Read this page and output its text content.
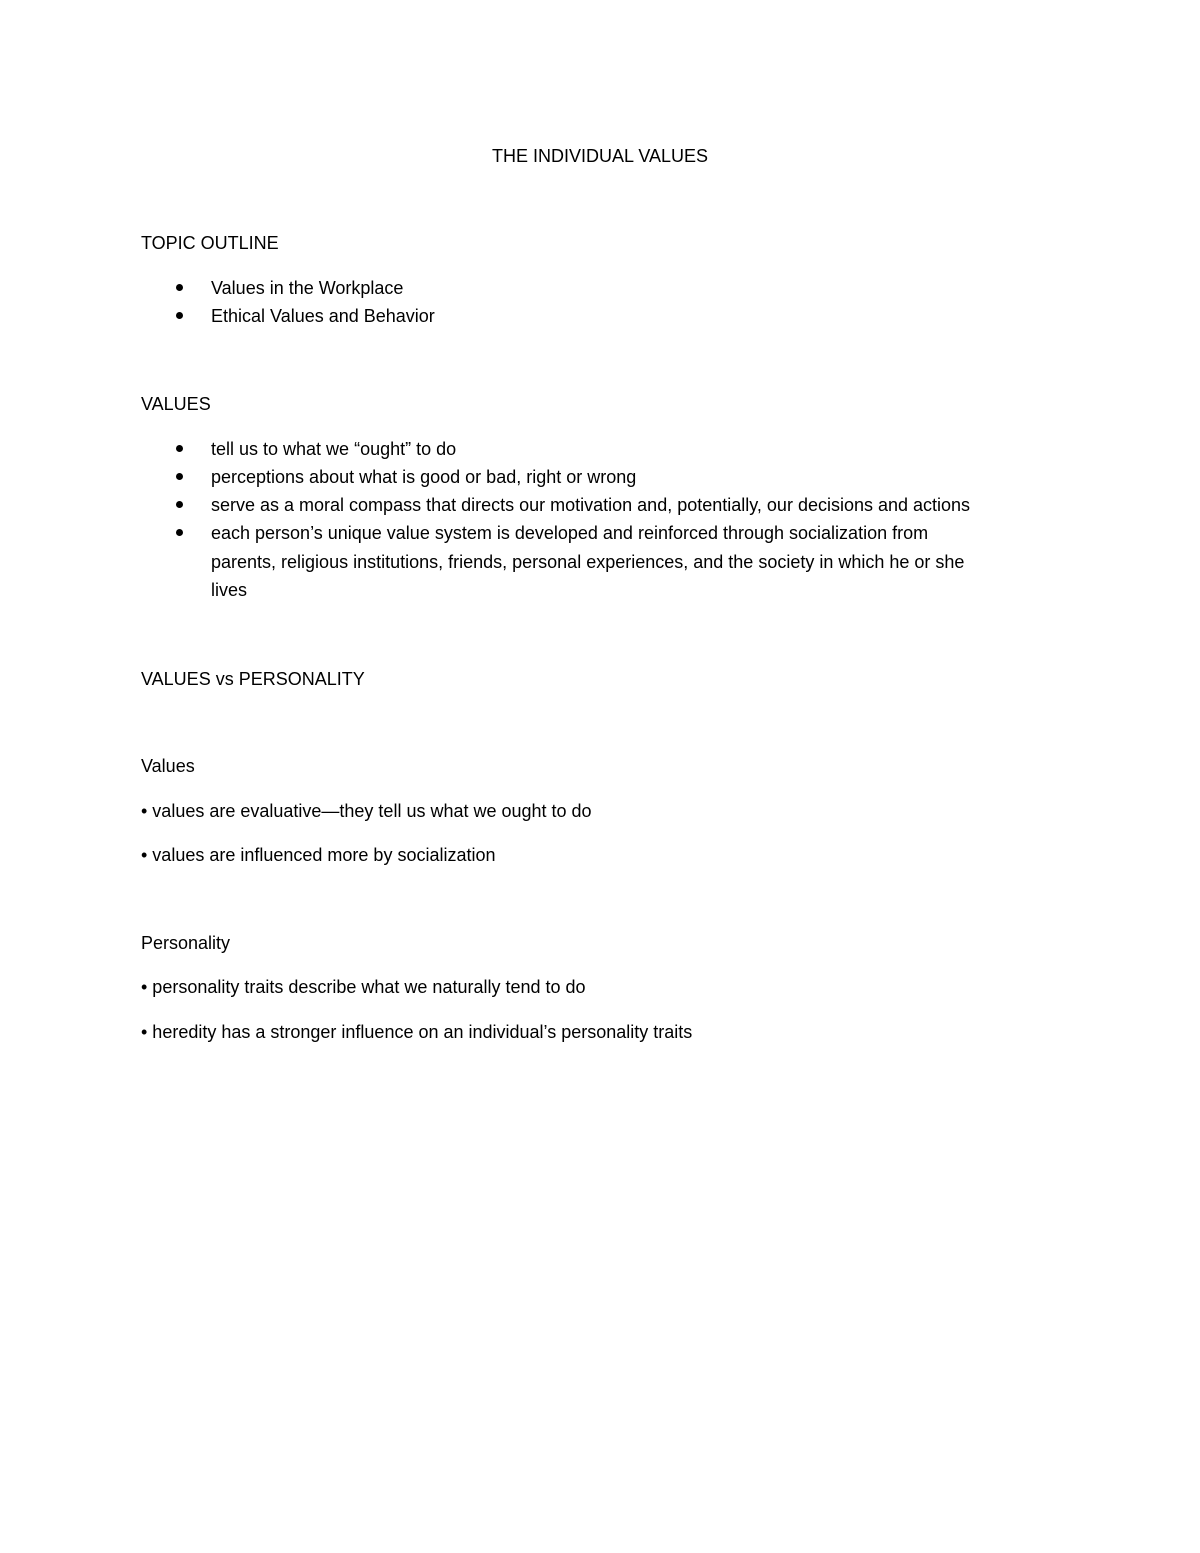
THE INDIVIDUAL VALUES
TOPIC OUTLINE
Values in the Workplace
Ethical Values and Behavior
VALUES
tell us to what we “ought” to do
perceptions about what is good or bad, right or wrong
serve as a moral compass that directs our motivation and, potentially, our decisions and actions
each person’s unique value system is developed and reinforced through socialization from
parents, religious institutions, friends, personal experiences, and the society in which he or she
lives
VALUES vs PERSONALITY
Values
• values are evaluative—they tell us what we ought to do
• values are influenced more by socialization
Personality
• personality traits describe what we naturally tend to do
• heredity has a stronger influence on an individual’s personality traits
